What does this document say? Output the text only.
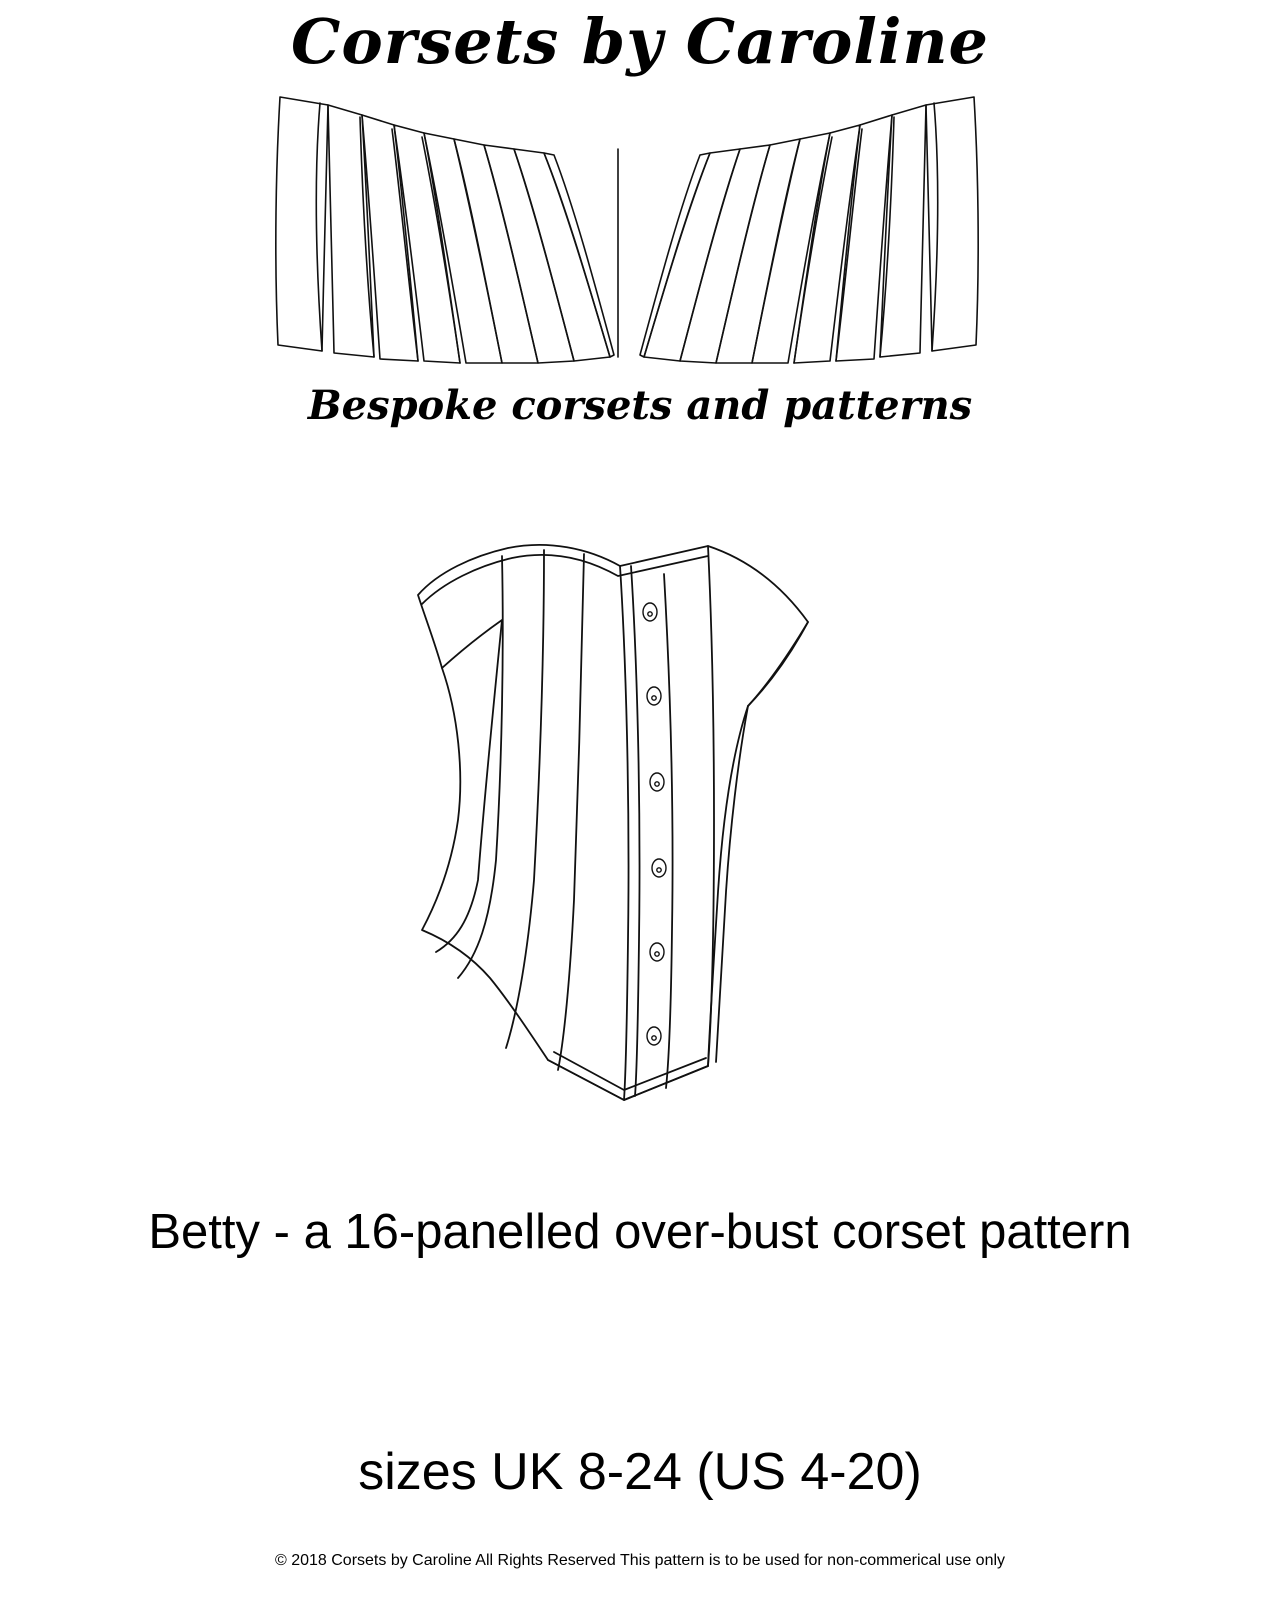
Corsets by Caroline
Bespoke corsets and patterns
Betty - a 16-panelled over-bust corset pattern
sizes UK 8-24 (US 4-20)
© 2018 Corsets by Caroline All Rights Reserved This pattern is to be used for non-commerical use only
